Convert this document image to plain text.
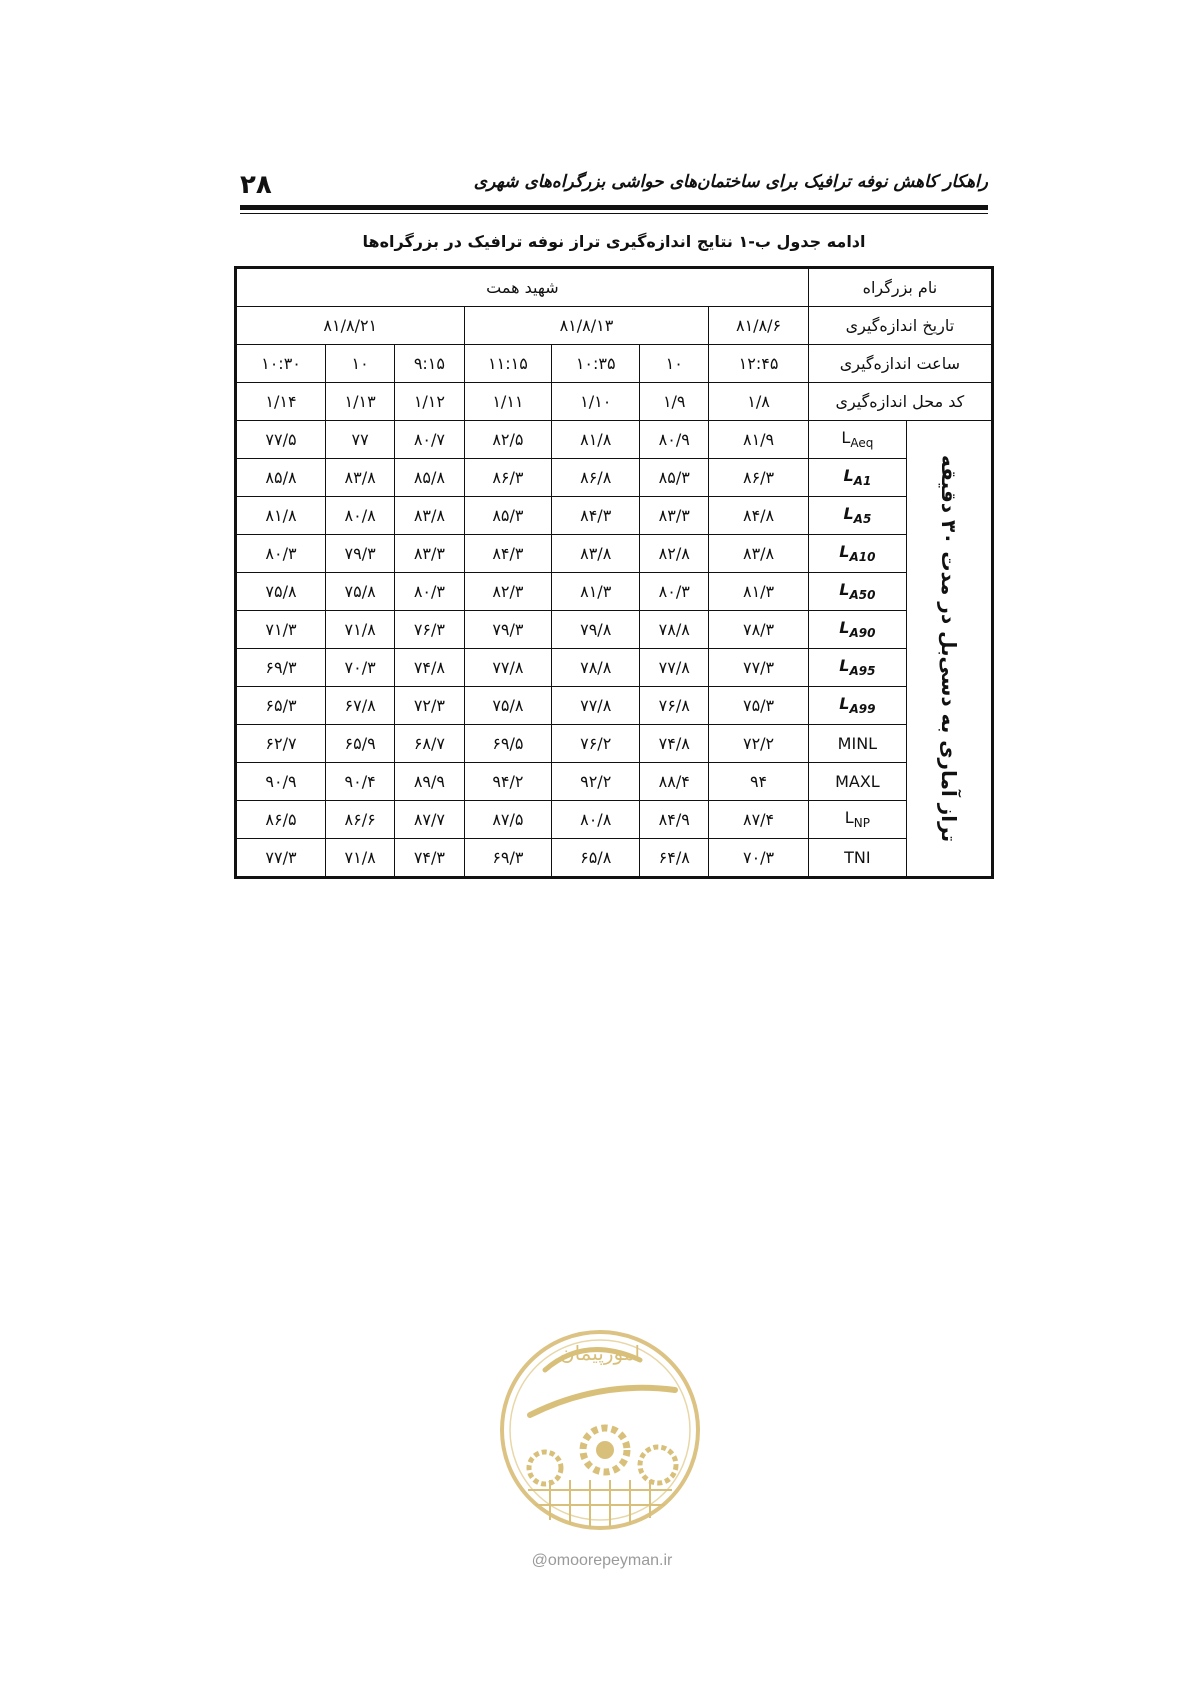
۲۸	راهکار کاهش نوفه ترافیک برای ساختمان‌های حواشی بزرگراه‌های شهری
ادامه جدول ب-۱ نتایج اندازه‌گیری تراز نوفه ترافیک در بزرگراه‌ها
نام بزرگراه		شهید همت						
تاریخ اندازه‌گیری		۸۱/۸/۶	۸۱/۸/۱۳			۸۱/۸/۲۱		
ساعت اندازه‌گیری		۱۲:۴۵	۱۰	۱۰:۳۵	۱۱:۱۵	۹:۱۵	۱۰	۱۰:۳۰
کد محل اندازه‌گیری		۱/۸	۱/۹	۱/۱۰	۱/۱۱	۱/۱۲	۱/۱۳	۱/۱۴

تراز آماری به دسی‌بل در مدت ۳۰ دقیقه	$L_{Aeq}$	۸۱/۹	۸۰/۹	۸۱/۸	۸۲/۵	۸۰/۷	۷۷	۷۷/۵
	$L_{A1}$	۸۶/۳	۸۵/۳	۸۶/۸	۸۶/۳	۸۵/۸	۸۳/۸	۸۵/۸
	$L_{A5}$	۸۴/۸	۸۳/۳	۸۴/۳	۸۵/۳	۸۳/۸	۸۰/۸	۸۱/۸
	$L_{A10}$	۸۳/۸	۸۲/۸	۸۳/۸	۸۴/۳	۸۳/۳	۷۹/۳	۸۰/۳
	$L_{A50}$	۸۱/۳	۸۰/۳	۸۱/۳	۸۲/۳	۸۰/۳	۷۵/۸	۷۵/۸
	$L_{A90}$	۷۸/۳	۷۸/۸	۷۹/۸	۷۹/۳	۷۶/۳	۷۱/۸	۷۱/۳
	$L_{A95}$	۷۷/۳	۷۷/۸	۷۸/۸	۷۷/۸	۷۴/۸	۷۰/۳	۶۹/۳
	$L_{A99}$	۷۵/۳	۷۶/۸	۷۷/۸	۷۵/۸	۷۲/۳	۶۷/۸	۶۵/۳
	MINL	۷۲/۲	۷۴/۸	۷۶/۲	۶۹/۵	۶۸/۷	۶۵/۹	۶۲/۷
	MAXL	۹۴	۸۸/۴	۹۲/۲	۹۴/۲	۸۹/۹	۹۰/۴	۹۰/۹
	$L_{NP}$	۸۷/۴	۸۴/۹	۸۰/۸	۸۷/۵	۸۷/۷	۸۶/۶	۸۶/۵
	TNI	۷۰/۳	۶۴/۸	۶۵/۸	۶۹/۳	۷۴/۳	۷۱/۸	۷۷/۳
امورپیمان
@omoorepeyman.ir
